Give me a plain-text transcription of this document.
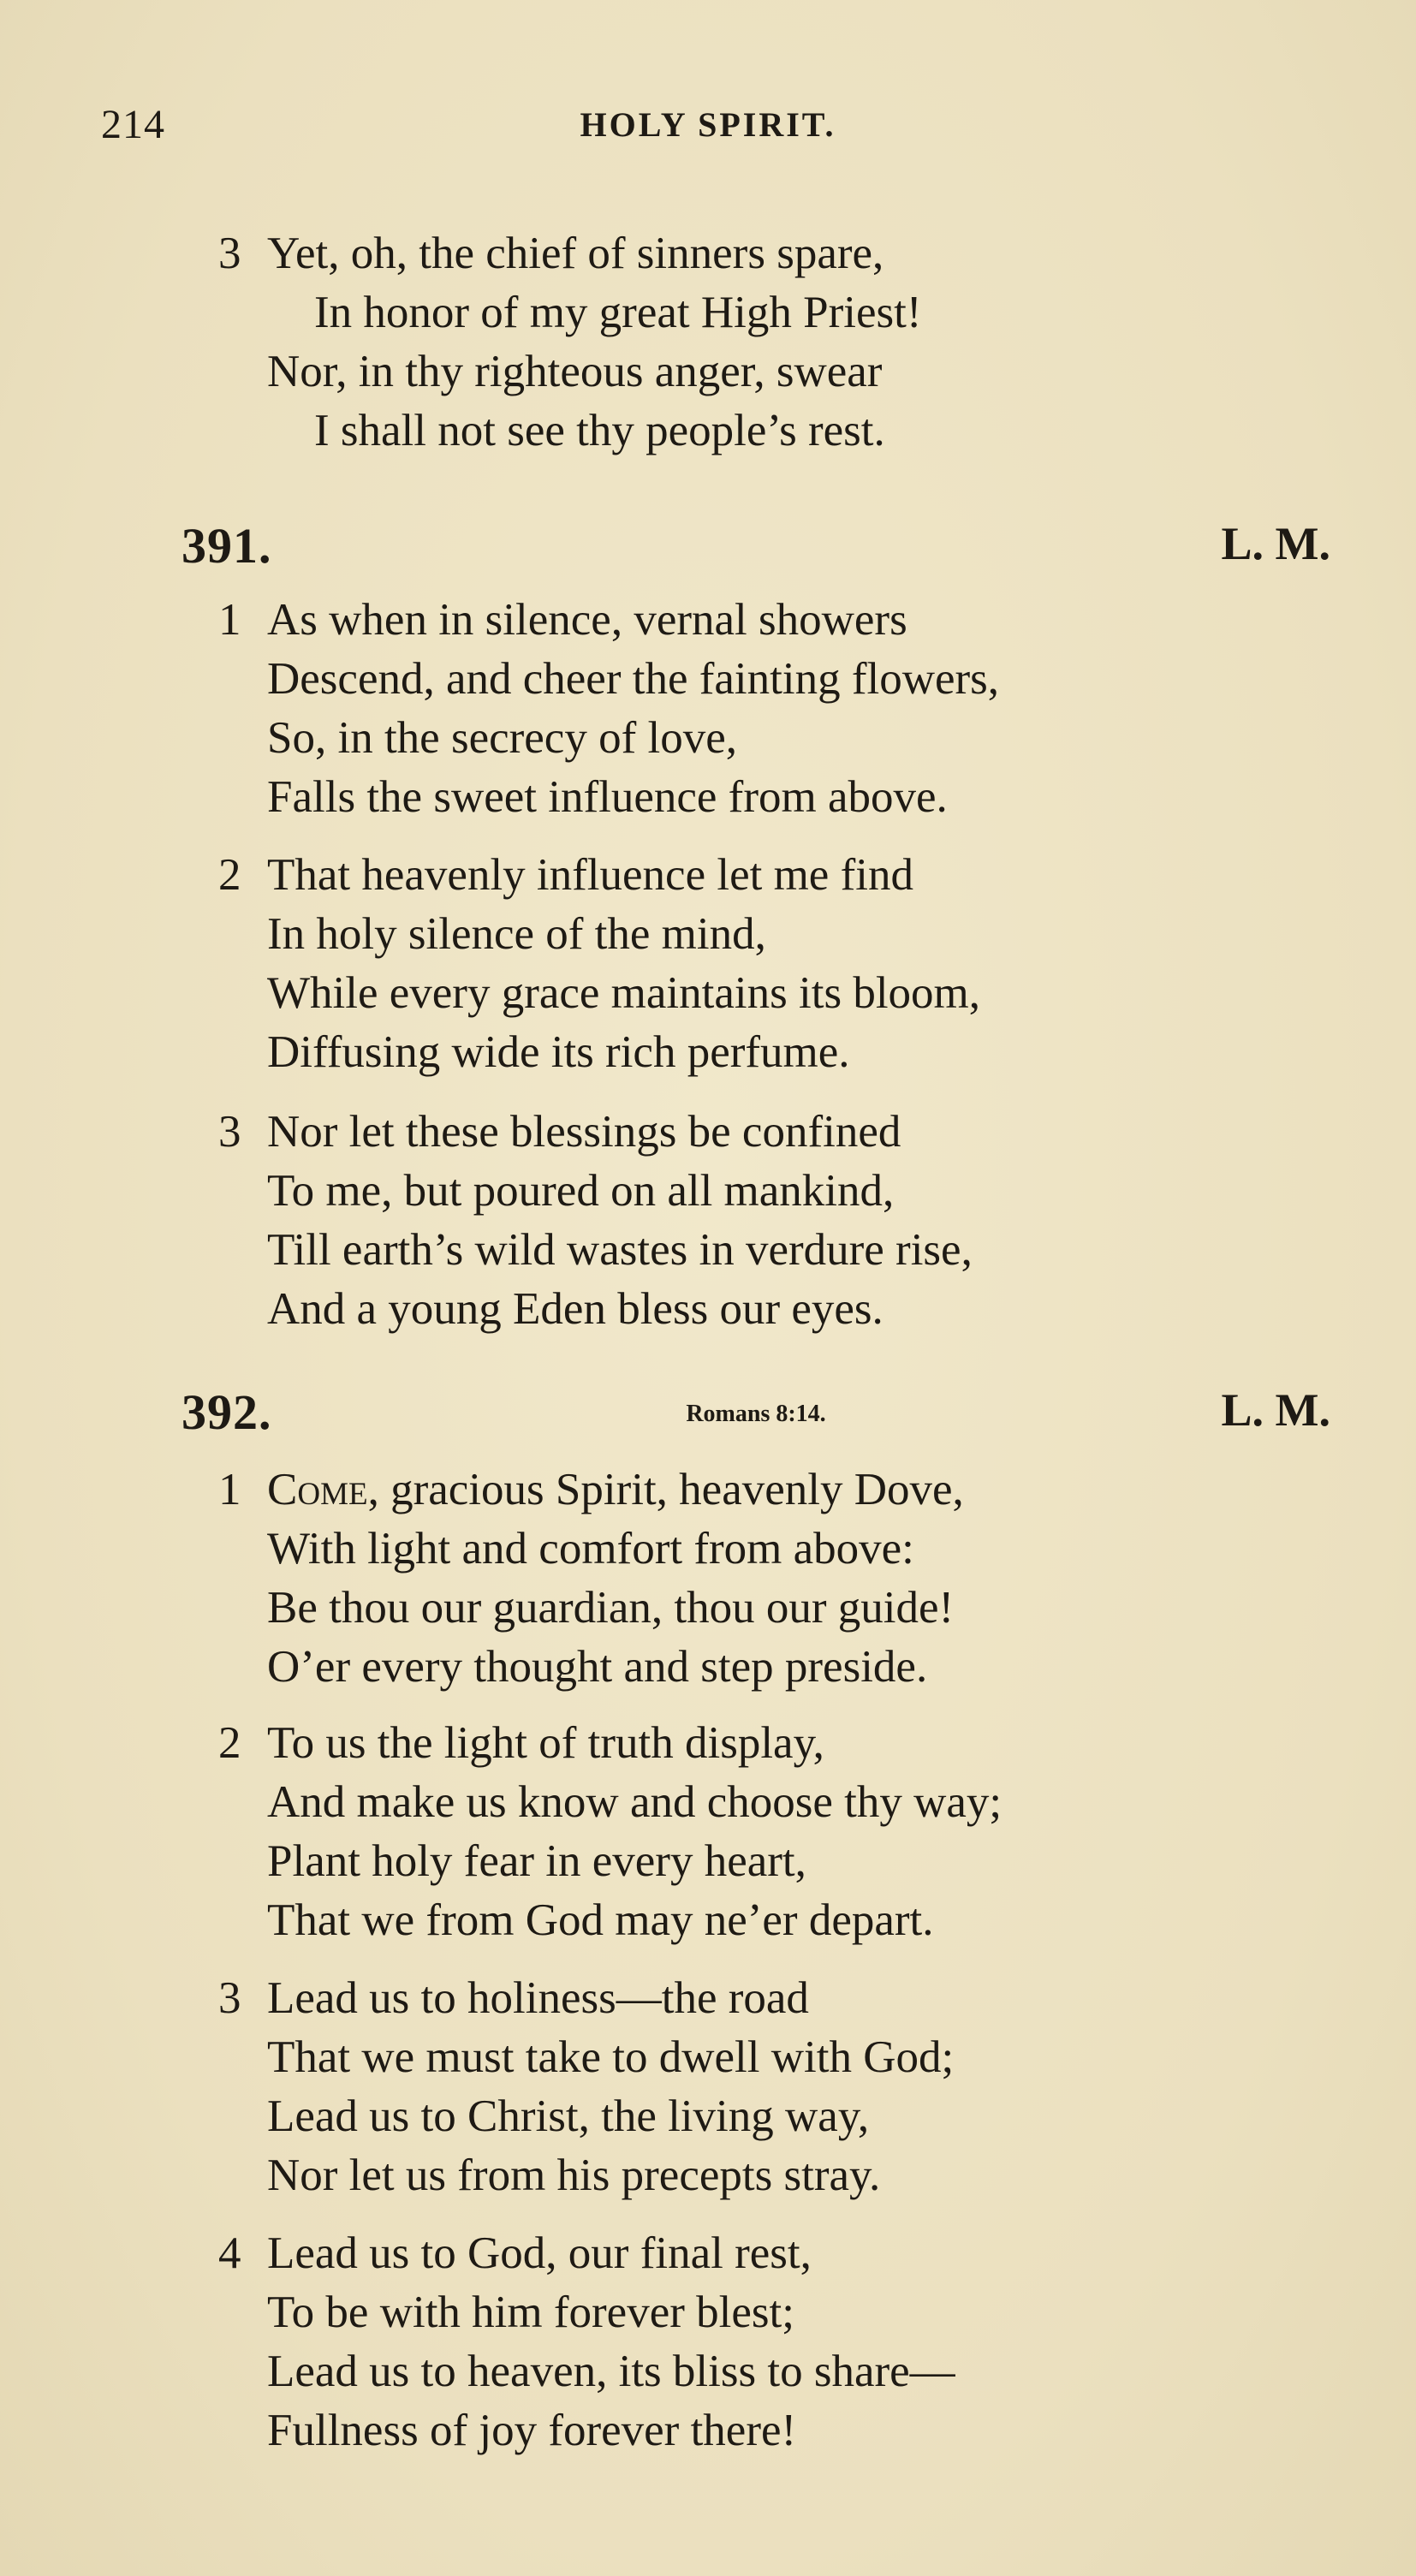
214	HOLY SPIRIT.
3 Yet, oh, the chief of sinners spare,
In honor of my great High Priest!
Nor, in thy righteous anger, swear
I shall not see thy people’s rest.
391.	L. M.
1 As when in silence, vernal showers
Descend, and cheer the fainting flowers,
So, in the secrecy of love,
Falls the sweet influence from above.
2 That heavenly influence let me find
In holy silence of the mind,
While every grace maintains its bloom,
Diffusing wide its rich perfume.
3 Nor let these blessings be confined
To me, but poured on all mankind,
Till earth’s wild wastes in verdure rise,
And a young Eden bless our eyes.
392.	Romans 8:14.	L. M.
1 Come, gracious Spirit, heavenly Dove,
With light and comfort from above:
Be thou our guardian, thou our guide!
O’er every thought and step preside.
2 To us the light of truth display,
And make us know and choose thy way;
Plant holy fear in every heart,
That we from God may ne’er depart.
3 Lead us to holiness—the road
That we must take to dwell with God;
Lead us to Christ, the living way,
Nor let us from his precepts stray.
4 Lead us to God, our final rest,
To be with him forever blest;
Lead us to heaven, its bliss to share—
Fullness of joy forever there!
